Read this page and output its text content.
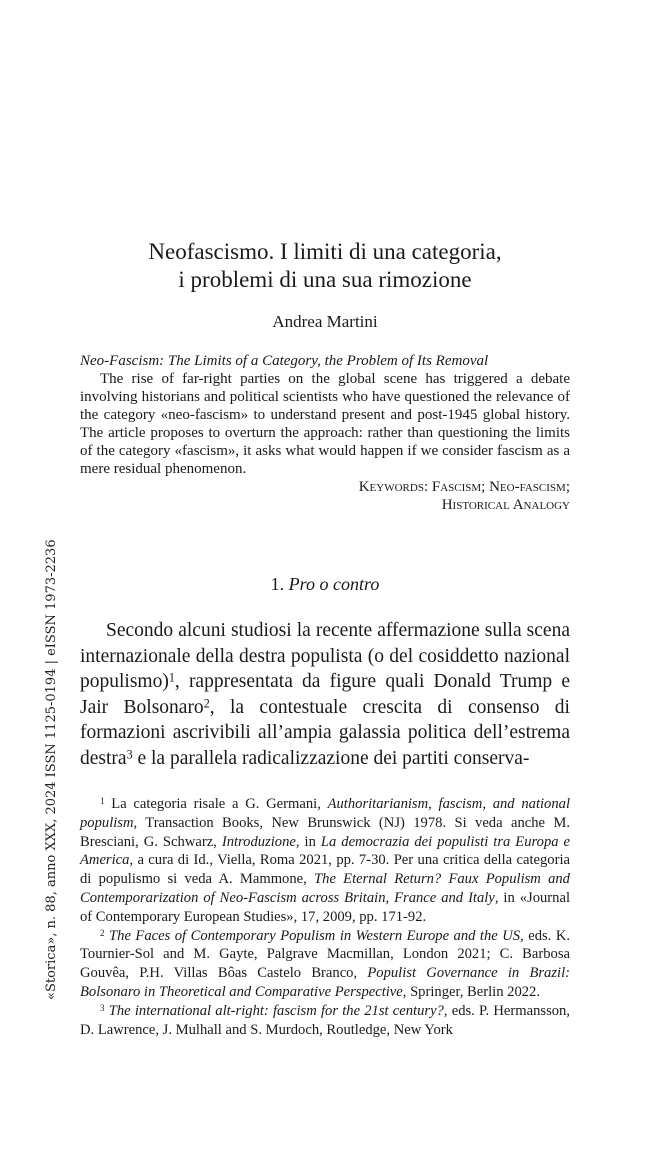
«Storica», n. 88, anno XXX, 2024 ISSN 1125-0194 | eISSN 1973-2236
Neofascismo. I limiti di una categoria,
i problemi di una sua rimozione
Andrea Martini
Neo-Fascism: The Limits of a Category, the Problem of Its Removal

The rise of far-right parties on the global scene has triggered a debate involving historians and political scientists who have questioned the relevance of the category «neo-fascism» to understand present and post-1945 global history. The article proposes to overturn the approach: rather than questioning the limits of the category «fascism», it asks what would happen if we consider fascism as a mere residual phenomenon.

Keywords: Fascism; Neo-fascism;
Historical Analogy
1. Pro o contro

Secondo alcuni studiosi la recente affermazione sulla scena internazionale della destra populista (o del cosiddetto nazional populismo)$^1$, rappresentata da figure quali Donald Trump e Jair Bolsonaro$^2$, la contestuale crescita di consenso di formazioni ascrivibili all’ampia galassia politica dell’estrema destra$^3$ e la parallela radicalizzazione dei partiti conserva-

$^1$ La categoria risale a G. Germani, Authoritarianism, fascism, and national populism, Transaction Books, New Brunswick (NJ) 1978. Si veda anche M. Bresciani, G. Schwarz, Introduzione, in La democrazia dei populisti tra Europa e America, a cura di Id., Viella, Roma 2021, pp. 7-30. Per una critica della categoria di populismo si veda A. Mammone, The Eternal Return? Faux Populism and Contemporarization of Neo-Fascism across Britain, France and Italy, in «Journal of Contemporary European Studies», 17, 2009, pp. 171-92.

$^2$ The Faces of Contemporary Populism in Western Europe and the US, eds. K. Tournier-Sol and M. Gayte, Palgrave Macmillan, London 2021; C. Barbosa Gouvêa, P.H. Villas Bôas Castelo Branco, Populist Governance in Brazil: Bolsonaro in Theoretical and Comparative Perspective, Springer, Berlin 2022.

$^3$ The international alt-right: fascism for the 21st century?, eds. P. Hermansson, D. Lawrence, J. Mulhall and S. Murdoch, Routledge, New York
